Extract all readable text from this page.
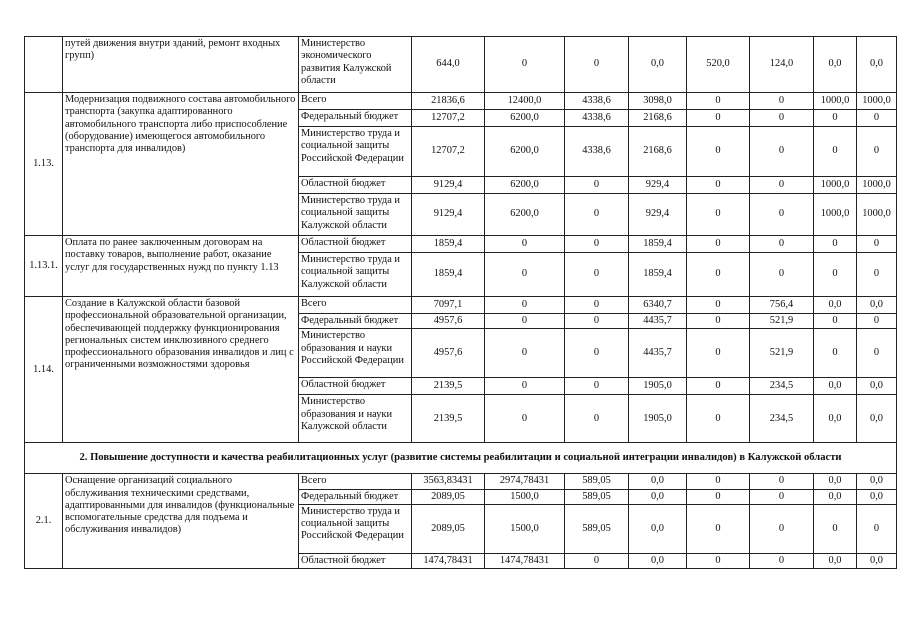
	путей движения внутри зданий, ремонт входных групп)	Министерство экономического развития Калужской области	644,0	0	0	0,0	520,0	124,0	0,0	0,0
1.13.	Модернизация подвижного состава автомобильного транспорта (закупка адаптированного автомобильного транспорта либо приспособление (оборудование) имеющегося автомобильного транспорта для инвалидов)	Всего	21836,6	12400,0	4338,6	3098,0	0	0	1000,0	1000,0
		Федеральный бюджет	12707,2	6200,0	4338,6	2168,6	0	0	0	0
		Министерство труда и социальной защиты Российской Федерации	12707,2	6200,0	4338,6	2168,6	0	0	0	0
		Областной бюджет	9129,4	6200,0	0	929,4	0	0	1000,0	1000,0
		Министерство труда и социальной защиты Калужской области	9129,4	6200,0	0	929,4	0	0	1000,0	1000,0
1.13.1.	Оплата по ранее заключенным договорам на поставку товаров, выполнение работ, оказание услуг для государственных нужд по пункту 1.13	Областной бюджет	1859,4	0	0	1859,4	0	0	0	0
		Министерство труда и социальной защиты Калужской области	1859,4	0	0	1859,4	0	0	0	0
1.14.	Создание в Калужской области базовой профессиональной образовательной организации, обеспечивающей поддержку функционирования региональных систем инклюзивного среднего профессионального образования инвалидов и лиц с ограниченными возможностями здоровья	Всего	7097,1	0	0	6340,7	0	756,4	0,0	0,0
		Федеральный бюджет	4957,6	0	0	4435,7	0	521,9	0	0
		Министерство образования и науки Российской Федерации	4957,6	0	0	4435,7	0	521,9	0	0
		Областной бюджет	2139,5	0	0	1905,0	0	234,5	0,0	0,0
		Министерство образования и науки Калужской области	2139,5	0	0	1905,0	0	234,5	0,0	0,0
2. Повышение доступности и качества реабилитационных услуг (развитие системы реабилитации и социальной интеграции инвалидов) в Калужской области										
2.1.	Оснащение организаций социального обслуживания техническими средствами, адаптированными для инвалидов (функциональные вспомогательные средства для подъема и обслуживания инвалидов)	Всего	3563,83431	2974,78431	589,05	0,0	0	0	0,0	0,0
		Федеральный бюджет	2089,05	1500,0	589,05	0,0	0	0	0,0	0,0
		Министерство труда и социальной защиты Российской Федерации	2089,05	1500,0	589,05	0,0	0	0	0	0
		Областной бюджет	1474,78431	1474,78431	0	0,0	0	0	0,0	0,0
